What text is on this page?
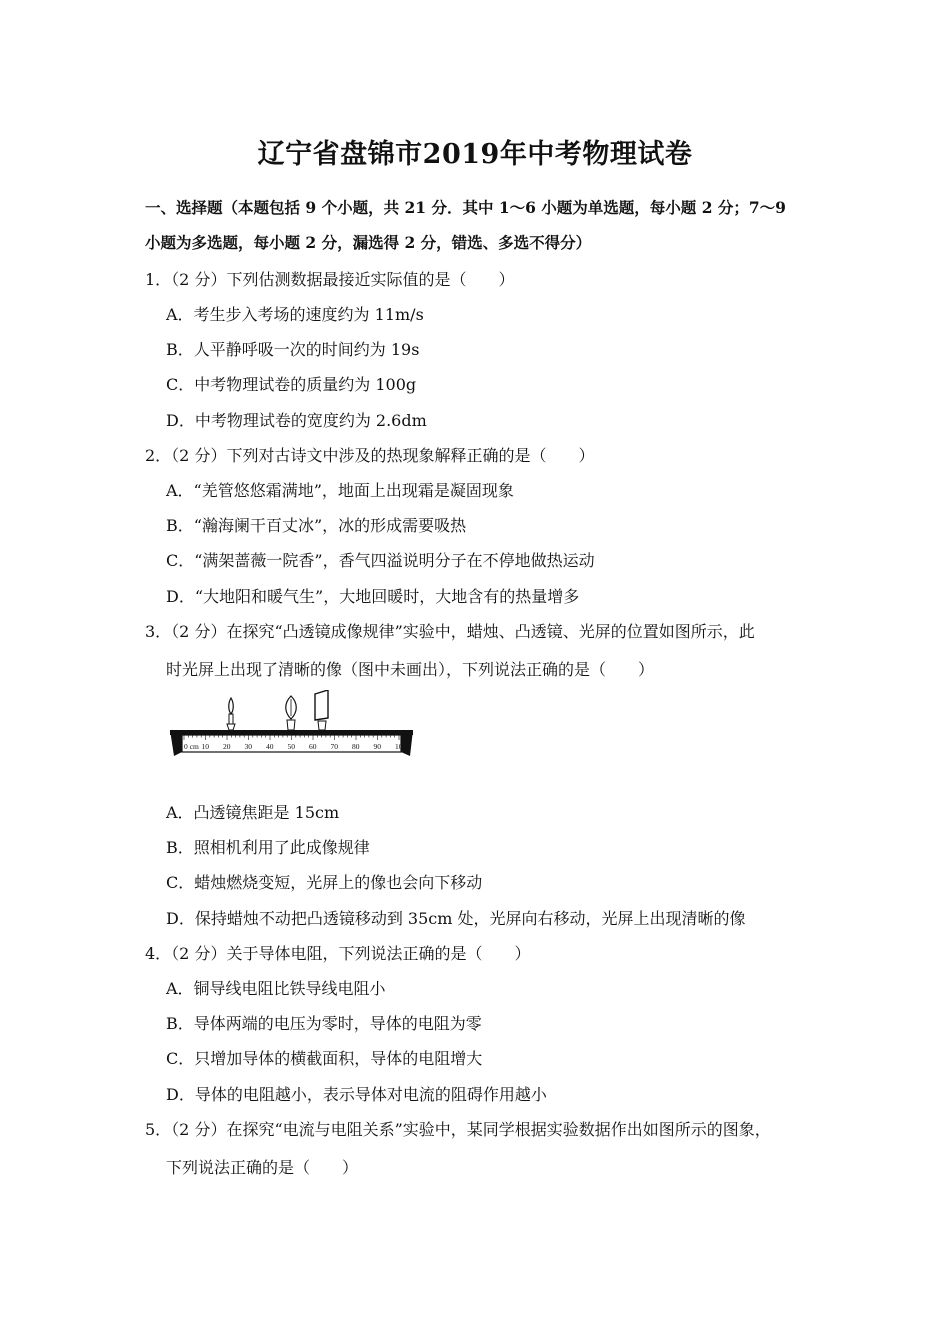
辽宁省盘锦市2019年中考物理试卷
一、选择题（本题包括 9 个小题，共 21 分．其中 1～6 小题为单选题，每小题 2 分；7～9
小题为多选题，每小题 2 分，漏选得 2 分，错选、多选不得分）
1．（2 分）下列估测数据最接近实际值的是（　　）
A．考生步入考场的速度约为 11m/s
B．人平静呼吸一次的时间约为 19s
C．中考物理试卷的质量约为 100g
D．中考物理试卷的宽度约为 2.6dm
2．（2 分）下列对古诗文中涉及的热现象解释正确的是（　　）
A．“羌管悠悠霜满地”，地面上出现霜是凝固现象
B．“瀚海阑干百丈冰”，冰的形成需要吸热
C．“满架蔷薇一院香”，香气四溢说明分子在不停地做热运动
D．“大地阳和暖气生”，大地回暖时，大地含有的热量增多
3．（2 分）在探究“凸透镜成像规律”实验中，蜡烛、凸透镜、光屏的位置如图所示，此
时光屏上出现了清晰的像（图中未画出），下列说法正确的是（　　）
0 cm 10 20 30 40 50 60 70 80 90 100
A．凸透镜焦距是 15cm
B．照相机利用了此成像规律
C．蜡烛燃烧变短，光屏上的像也会向下移动
D．保持蜡烛不动把凸透镜移动到 35cm 处，光屏向右移动，光屏上出现清晰的像
4．（2 分）关于导体电阻，下列说法正确的是（　　）
A．铜导线电阻比铁导线电阻小
B．导体两端的电压为零时，导体的电阻为零
C．只增加导体的横截面积，导体的电阻增大
D．导体的电阻越小，表示导体对电流的阻碍作用越小
5．（2 分）在探究“电流与电阻关系”实验中，某同学根据实验数据作出如图所示的图象，
下列说法正确的是（　　）
